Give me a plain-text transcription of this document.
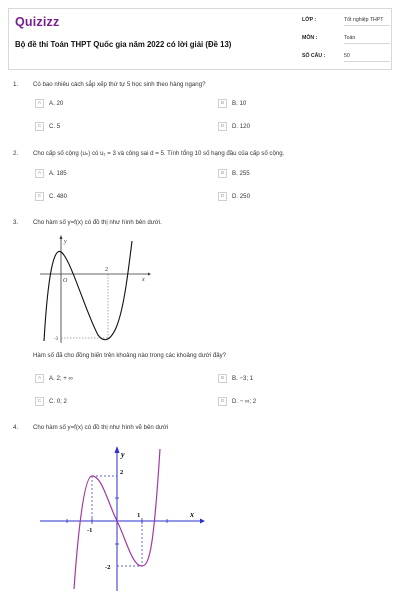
Quizizz
Bộ đề thi Toán THPT Quốc gia năm 2022 có lời giải (Đề 13)
LỚP :	Tốt nghiệp THPT
MÔN :	Toán
SỐ CÂU :	50
1. Có bao nhiêu cách sắp xếp thứ tự 5 học sinh theo hàng ngang?
A	A. 20	B	B. 10
C	C. 5	D	D. 120
2. Cho cấp số cộng (uₙ) có u₁ = 3 và công sai d = 5. Tính tổng 10 số hạng đầu của cấp số cộng.
A	A. 185	B	B. 255
C	C. 480	D	D. 250
3. Cho hàm số y=f(x) có đồ thị như hình bên dưới.
y
x
O
2
-3
Hàm số đã cho đồng biến trên khoảng nào trong các khoảng dưới đây?
A	A. 2; + ∞	B	B. −3; 1
C	C. 0; 2	D	D. − ∞; 2
4. Cho hàm số y=f(x) có đồ thị như hình vẽ bên dưới
y
x
-1
1
2
-2
